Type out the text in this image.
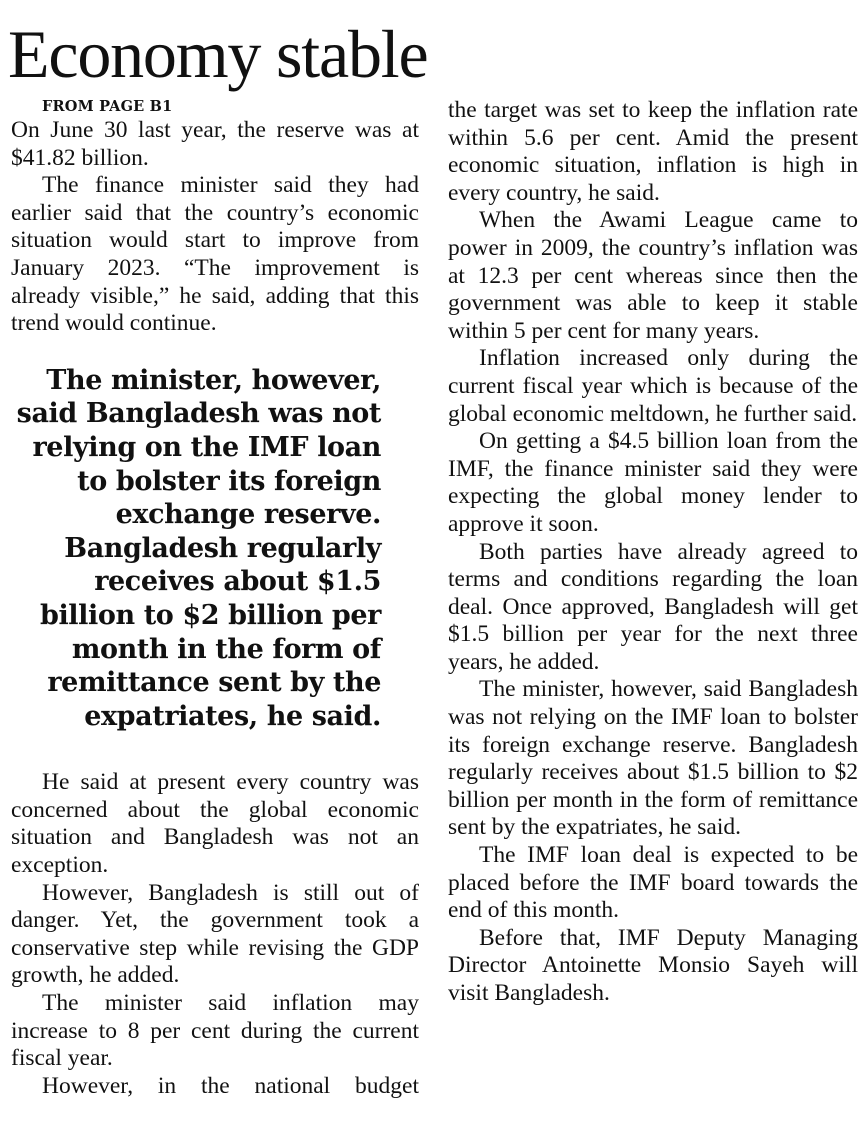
Economy stable

FROM PAGE B1

On June 30 last year, the reserve was at $41.82 billion.

The finance minister said they had earlier said that the country’s economic situation would start to improve from January 2023. “The improvement is already visible,” he said, adding that this trend would continue.

The minister, however, said Bangladesh was not relying on the IMF loan to bolster its foreign exchange reserve. Bangladesh regularly receives about $1.5 billion to $2 billion per month in the form of remittance sent by the expatriates, he said.

He said at present every country was concerned about the global economic situation and Bangladesh was not an exception.

However, Bangladesh is still out of danger. Yet, the government took a conservative step while revising the GDP growth, he added.

The minister said inflation may increase to 8 per cent during the current fiscal year.

However, in the national budget

the target was set to keep the inflation rate within 5.6 per cent. Amid the present economic situation, inflation is high in every country, he said.

When the Awami League came to power in 2009, the country’s inflation was at 12.3 per cent whereas since then the government was able to keep it stable within 5 per cent for many years.

Inflation increased only during the current fiscal year which is because of the global economic meltdown, he further said.

On getting a $4.5 billion loan from the IMF, the finance minister said they were expecting the global money lender to approve it soon.

Both parties have already agreed to terms and conditions regarding the loan deal. Once approved, Bangladesh will get $1.5 billion per year for the next three years, he added.

The minister, however, said Bangladesh was not relying on the IMF loan to bolster its foreign exchange reserve. Bangladesh regularly receives about $1.5 billion to $2 billion per month in the form of remittance sent by the expatriates, he said.

The IMF loan deal is expected to be placed before the IMF board towards the end of this month.

Before that, IMF Deputy Managing Director Antoinette Monsio Sayeh will visit Bangladesh.
